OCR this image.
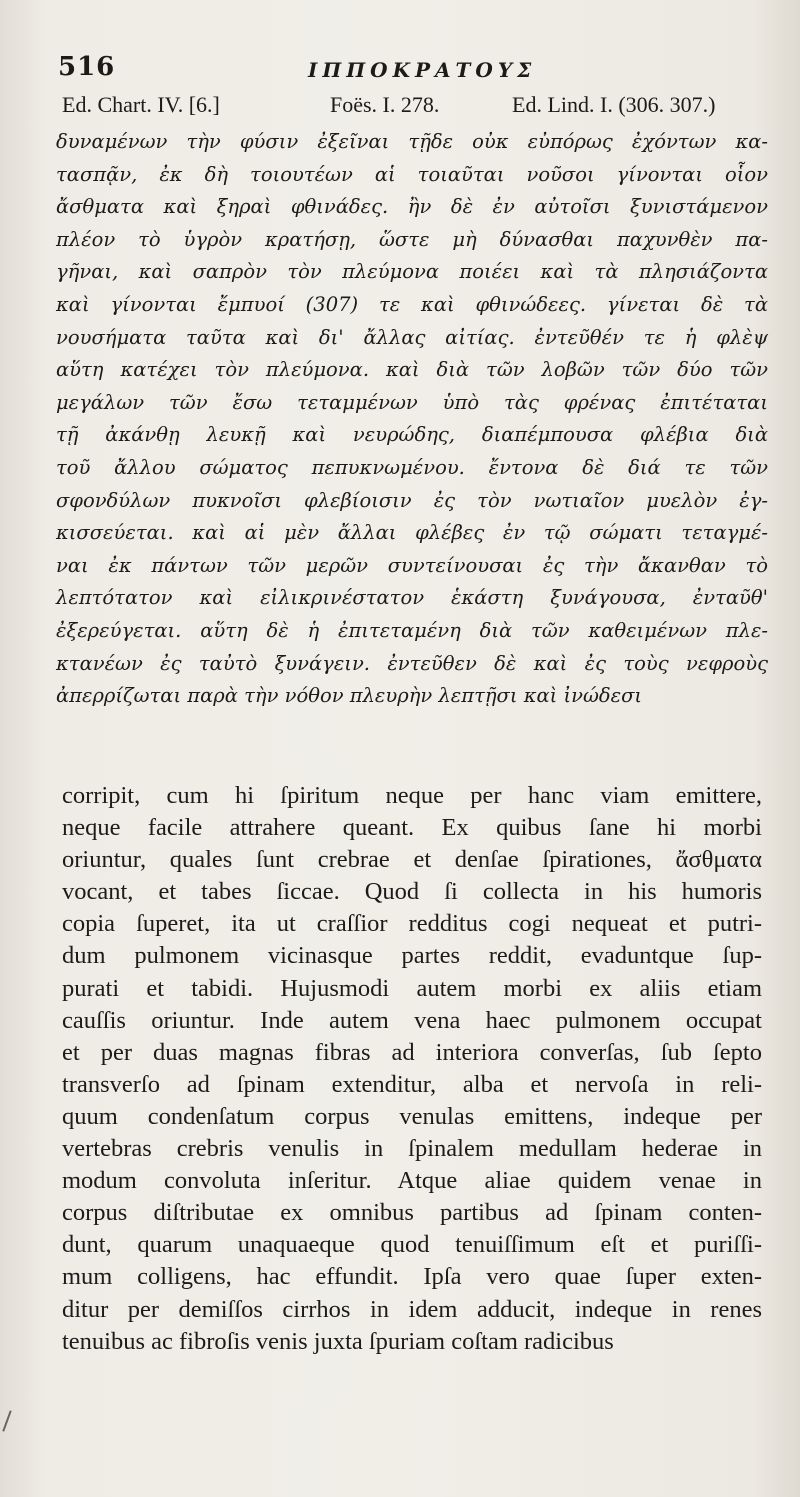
516	ΙΠΠΟΚΡΑΤΟΥΣ
Ed. Chart. IV. [6.]	Foës. I. 278.	Ed. Lind. I. (306. 307.)
δυναμένων τὴν φύσιν ἐξεῖναι τῇδε οὐκ εὐπόρως ἐχόντων κα-
τασπᾷν, ἐκ δὴ τοιουτέων αἱ τοιαῦται νοῦσοι γίνονται οἷον
ἄσθματα καὶ ξηραὶ φθινάδες. ἢν δὲ ἐν αὐτοῖσι ξυνιστάμενον
πλέον τὸ ὑγρὸν κρατήσῃ, ὥστε μὴ δύνασθαι παχυνθὲν πα-
γῆναι, καὶ σαπρὸν τὸν πλεύμονα ποιέει καὶ τὰ πλησιάζοντα
καὶ γίνονται ἔμπυοί (307) τε καὶ φθινώδεες. γίνεται δὲ τὰ
νουσήματα ταῦτα καὶ δι' ἄλλας αἰτίας. ἐντεῦθέν τε ἡ φλὲψ
αὕτη κατέχει τὸν πλεύμονα. καὶ διὰ τῶν λοβῶν τῶν δύο τῶν
μεγάλων τῶν ἔσω τεταμμένων ὑπὸ τὰς φρένας ἐπιτέταται
τῇ ἀκάνθῃ λευκῇ καὶ νευρώδης, διαπέμπουσα φλέβια διὰ
τοῦ ἄλλου σώματος πεπυκνωμένου. ἔντονα δὲ διά τε τῶν
σφονδύλων πυκνοῖσι φλεβίοισιν ἐς τὸν νωτιαῖον μυελὸν ἐγ-
κισσεύεται. καὶ αἱ μὲν ἄλλαι φλέβες ἐν τῷ σώματι τεταγμέ-
ναι ἐκ πάντων τῶν μερῶν συντείνουσαι ἐς τὴν ἄκανθαν τὸ
λεπτότατον καὶ εἰλικρινέστατον ἑκάστη ξυνάγουσα, ἐνταῦθ'
ἐξερεύγεται. αὕτη δὲ ἡ ἐπιτεταμένη διὰ τῶν καθειμένων πλε-
κτανέων ἐς ταὐτὸ ξυνάγειν. ἐντεῦθεν δὲ καὶ ἐς τοὺς νεφροὺς
ἀπερρίζωται παρὰ τὴν νόθον πλευρὴν λεπτῇσι καὶ ἰνώδεσι
corripit, cum hi ſpiritum neque per hanc viam emittere,
neque facile attrahere queant. Ex quibus ſane hi morbi
oriuntur, quales ſunt crebrae et denſae ſpirationes, ἄσθματα
vocant, et tabes ſiccae. Quod ſi collecta in his humoris
copia ſuperet, ita ut craſſior redditus cogi nequeat et putri-
dum pulmonem vicinasque partes reddit, evaduntque ſup-
purati et tabidi. Hujusmodi autem morbi ex aliis etiam
cauſſis oriuntur. Inde autem vena haec pulmonem occupat
et per duas magnas fibras ad interiora converſas, ſub ſepto
transverſo ad ſpinam extenditur, alba et nervoſa in reli-
quum condenſatum corpus venulas emittens, indeque per
vertebras crebris venulis in ſpinalem medullam hederae in
modum convoluta inſeritur. Atque aliae quidem venae in
corpus diſtributae ex omnibus partibus ad ſpinam conten-
dunt, quarum unaquaeque quod tenuiſſimum eſt et puriſſi-
mum colligens, hac effundit. Ipſa vero quae ſuper exten-
ditur per demiſſos cirrhos in idem adducit, indeque in renes
tenuibus ac fibroſis venis juxta ſpuriam coſtam radicibus
